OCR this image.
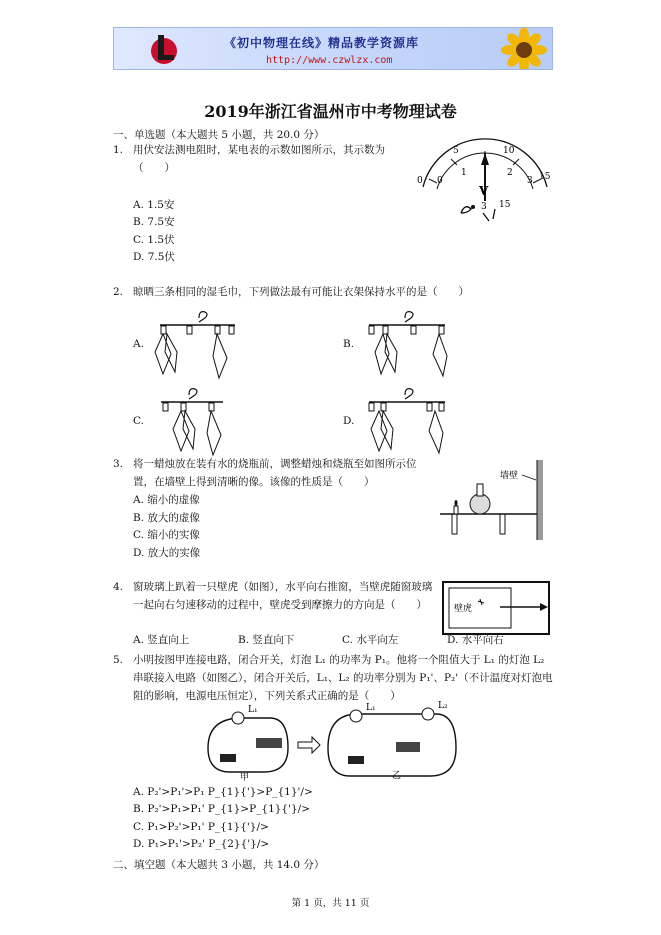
《初中物理在线》精品教学资源库
http://www.czwlzx.com
2019年浙江省温州市中考物理试卷
一、单选题（本大题共 5 小题，共 20.0 分）
1. 用伏安法测电阻时，某电表的示数如图所示，其示数为（　　）
A. 1.5安
B. 7.5安
C. 1.5伏
D. 7.5伏
0
5	10
15
0
1	2
3
V
3 15
2. 晾晒三条相同的湿毛巾，下列做法最有可能让衣架保持水平的是（　　）
A.	B.
C.	D.
3. 将一蜡烛放在装有水的烧瓶前，调整蜡烛和烧瓶至如图所示位置，在墙壁上得到清晰的像。该像的性质是（　　）
A. 缩小的虚像
B. 放大的虚像
C. 缩小的实像
D. 放大的实像
墙壁
4. 窗玻璃上趴着一只壁虎（如图），水平向右推窗，当壁虎随窗玻璃一起向右匀速移动的过程中，壁虎受到摩擦力的方向是（　　）
A. 竖直向上	B. 竖直向下	C. 水平向左	D. 水平向右
壁虎
5. 小明按图甲连接电路，闭合开关，灯泡 L₁ 的功率为 P₁。他将一个阻值大于 L₁ 的灯泡 L₂ 串联接入电路（如图乙），闭合开关后，L₁、L₂ 的功率分别为 P₁'、P₂'（不计温度对灯泡电阻的影响，电源电压恒定），下列关系式正确的是（　　）
L₁
甲
L₁	L₂
乙
A. P₂'>P₁'>P₁ P_{1}{'}>P_{1}'/>
B. P₂'>P₁>P₁' P_{1}>P_{1}{'}/>
C. P₁>P₂'>P₁' P_{1}{'}/>
D. P₁>P₁'>P₂' P_{2}{'}/>
二、填空题（本大题共 3 小题，共 14.0 分）
第 1 页，共 11 页
